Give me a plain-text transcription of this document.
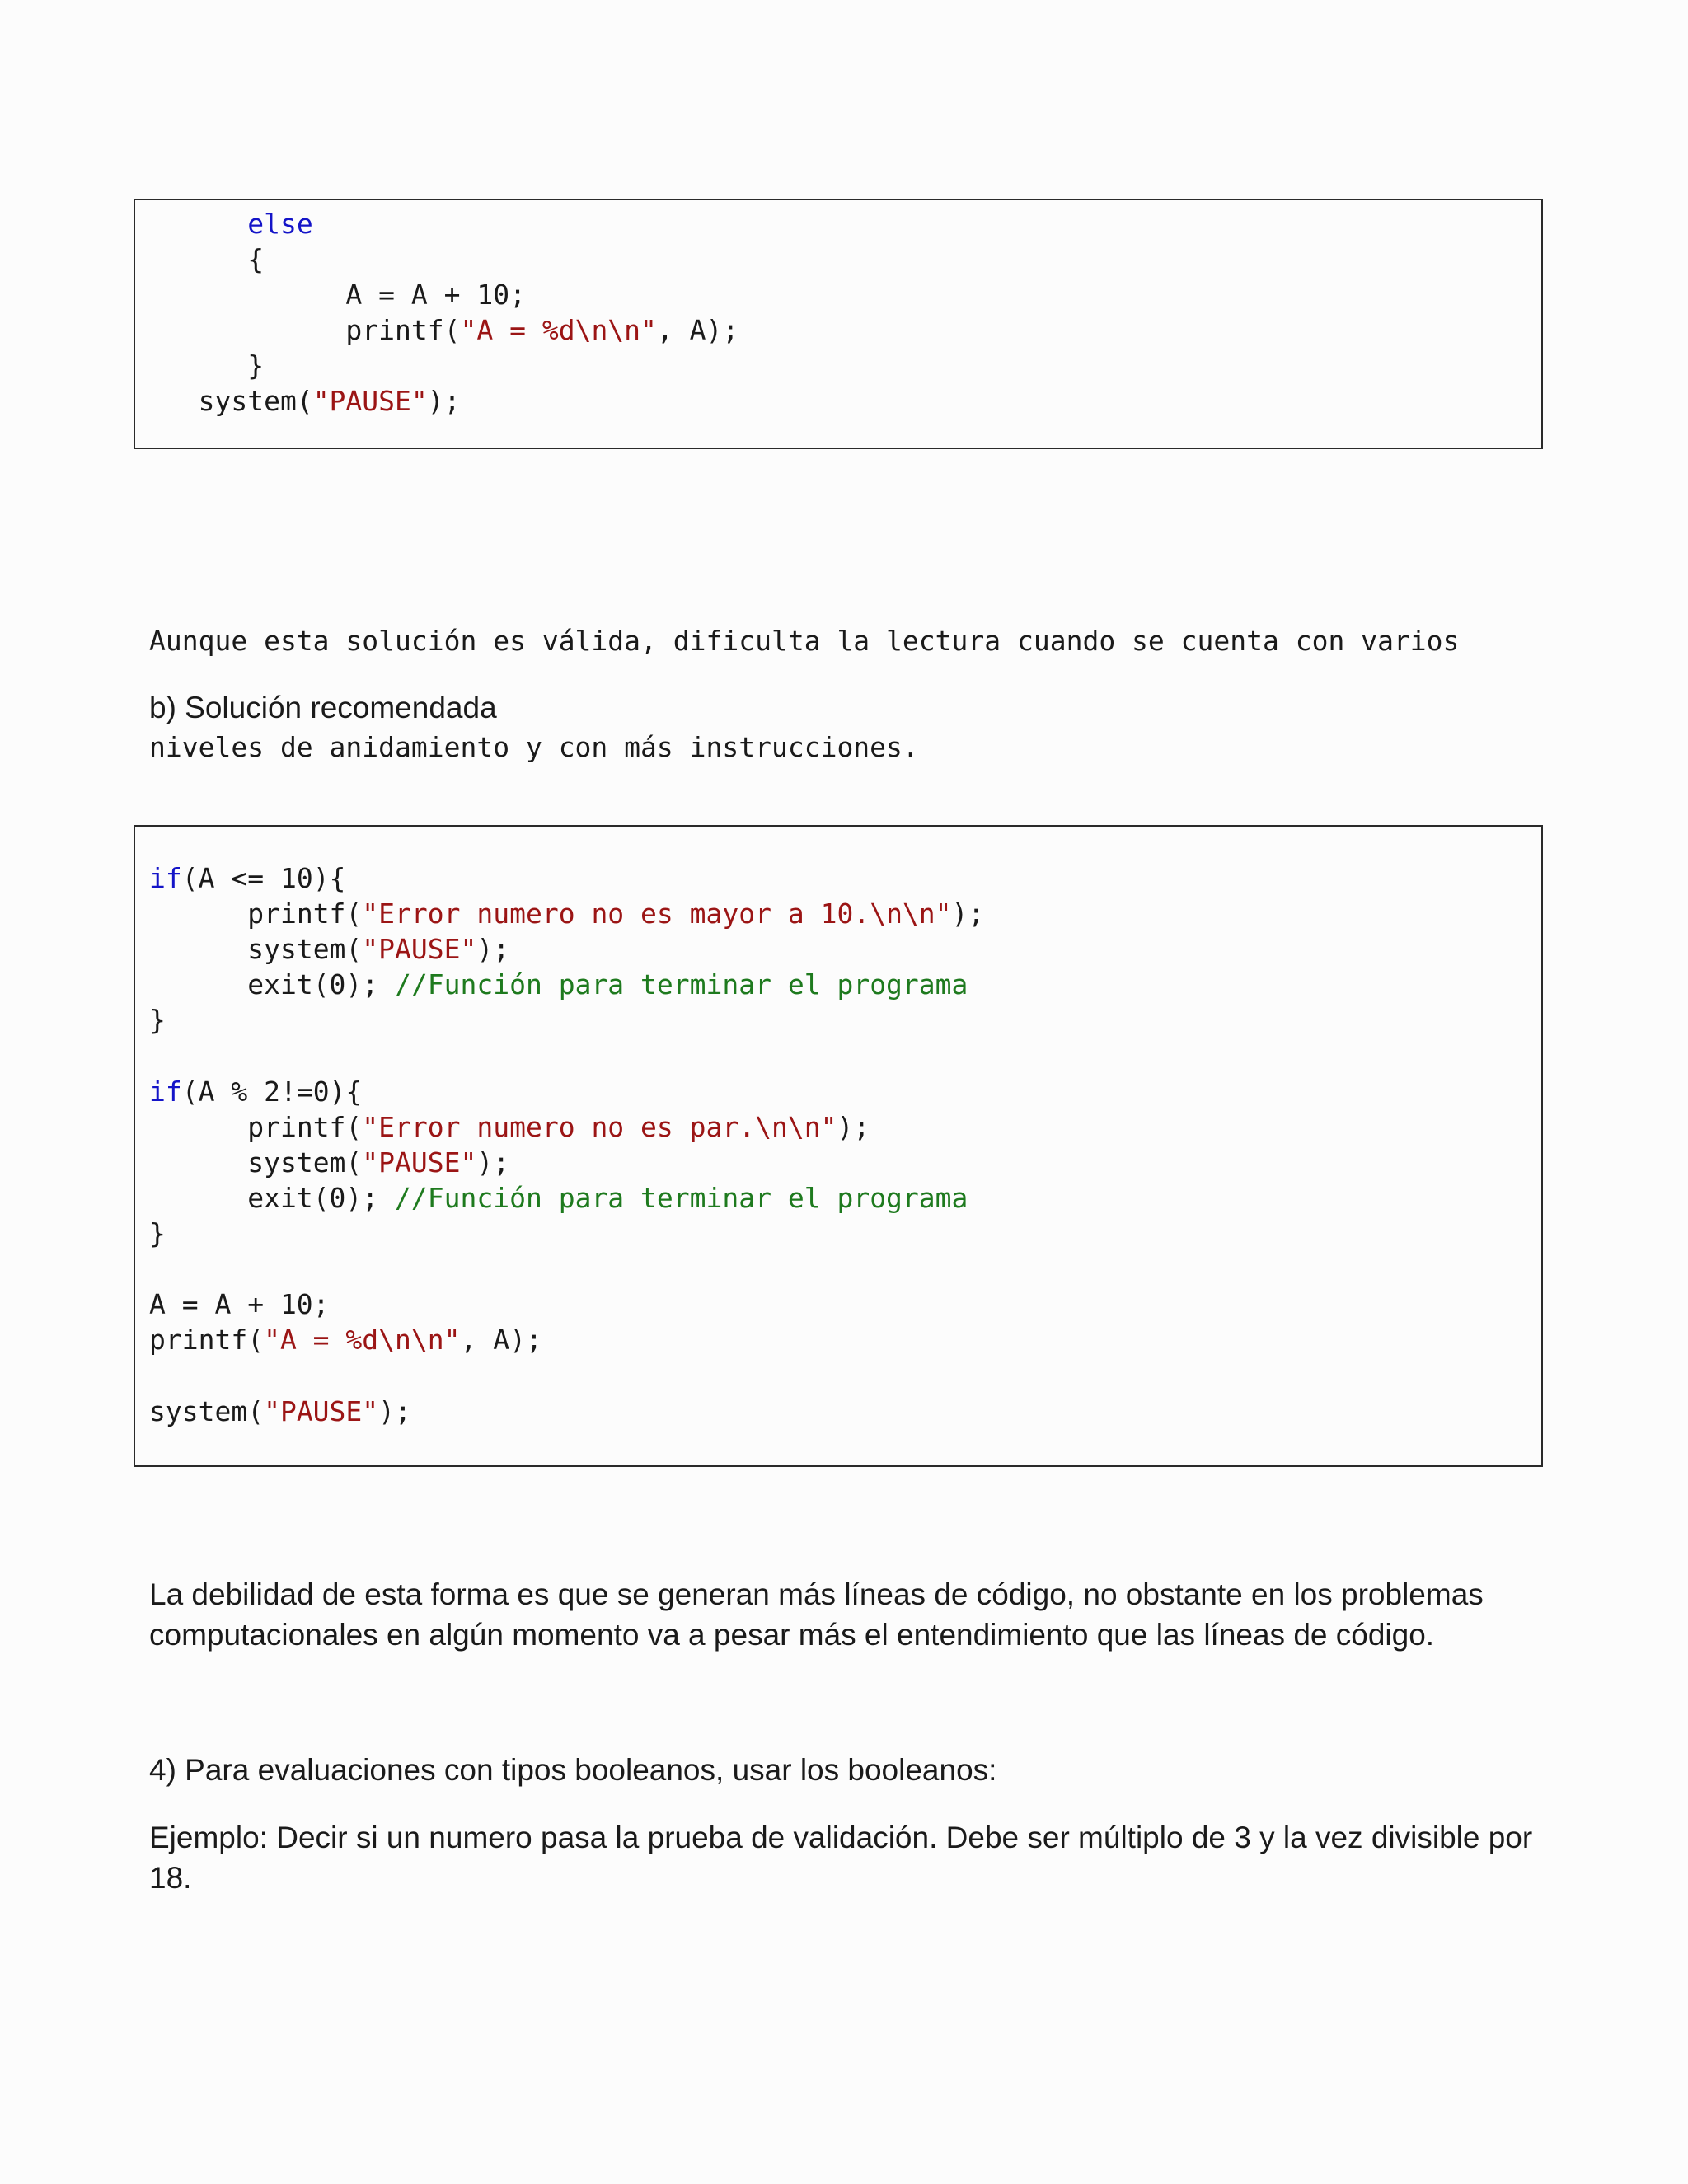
else
{
A = A + 10;
printf("A = %d\n\n", A);
}
system("PAUSE");

Aunque esta solución es válida, dificulta la lectura cuando se cuenta con varios

niveles de anidamiento y con más instrucciones.

b) Solución recomendada
if(A <= 10){
printf("Error numero no es mayor a 10.\n\n");
system("PAUSE");
exit(0); //Función para terminar el programa
}
if(A % 2!=0){
printf("Error numero no es par.\n\n");
system("PAUSE");
exit(0); //Función para terminar el programa
}
A = A + 10;
printf("A = %d\n\n", A);
system("PAUSE");
La debilidad de esta forma es que se generan más líneas de código, no obstante en los problemas computacionales en algún momento va a pesar más el entendimiento que las líneas de código.
4) Para evaluaciones con tipos booleanos, usar los booleanos:
Ejemplo: Decir si un numero pasa la prueba de validación. Debe ser múltiplo de 3 y la vez divisible por 18.
